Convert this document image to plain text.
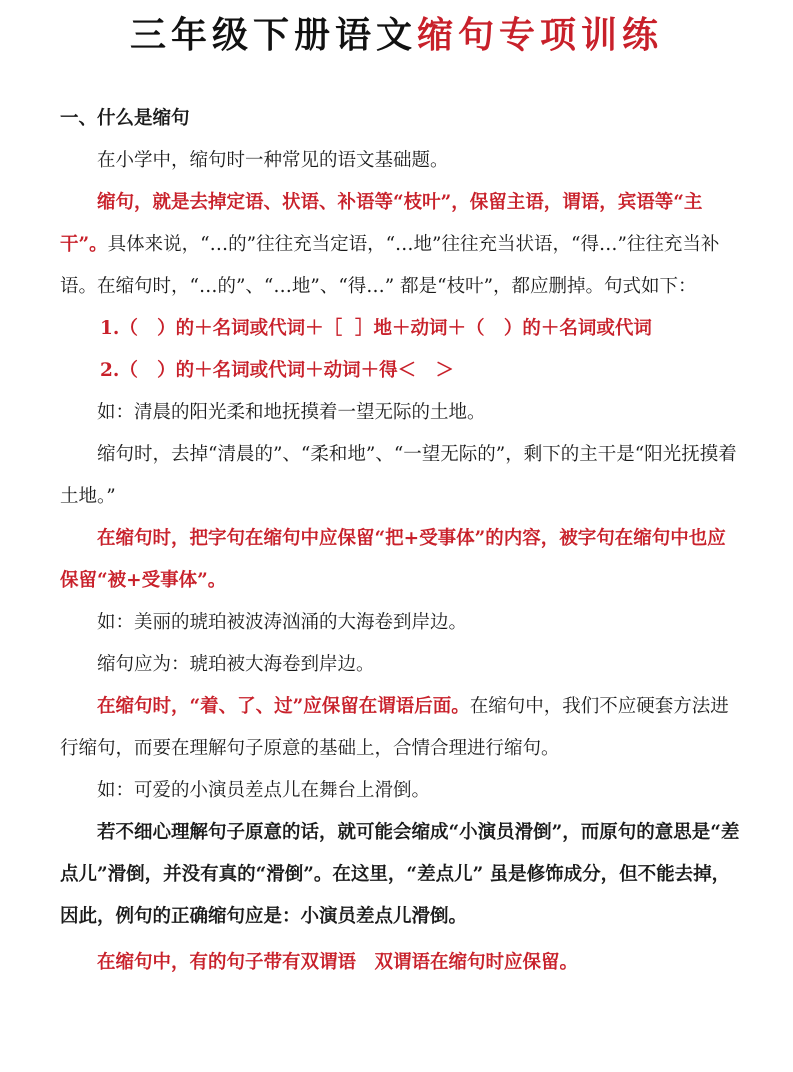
三年级下册语文缩句专项训练

一、什么是缩句

在小学中，缩句时一种常见的语文基础题。

缩句，就是去掉定语、状语、补语等“枝叶”，保留主语，谓语，宾语等“主干”。具体来说，“…的”往往充当定语，“…地”往往充当状语，“得…”往往充当补语。在缩句时，“…的”、“…地”、“得…” 都是“枝叶”，都应删掉。句式如下：

1.（   ）的＋名词或代词＋［  ］地＋动词＋（   ）的＋名词或代词

2.（   ）的＋名词或代词＋动词＋得＜   ＞

如：清晨的阳光柔和地抚摸着一望无际的土地。

缩句时，去掉“清晨的”、“柔和地”、“一望无际的”，剩下的主干是“阳光抚摸着土地。”

在缩句时，把字句在缩句中应保留“把+受事体”的内容，被字句在缩句中也应保留“被+受事体”。

如：美丽的琥珀被波涛汹涌的大海卷到岸边。

缩句应为：琥珀被大海卷到岸边。

在缩句时，“着、了、过”应保留在谓语后面。在缩句中，我们不应硬套方法进行缩句，而要在理解句子原意的基础上，合情合理进行缩句。

如：可爱的小演员差点儿在舞台上滑倒。

若不细心理解句子原意的话，就可能会缩成“小演员滑倒”，而原句的意思是“差点儿”滑倒，并没有真的“滑倒”。在这里，“差点儿” 虽是修饰成分，但不能去掉，因此，例句的正确缩句应是：小演员差点儿滑倒。

在缩句中，有的句子带有双谓语　双谓语在缩句时应保留。
